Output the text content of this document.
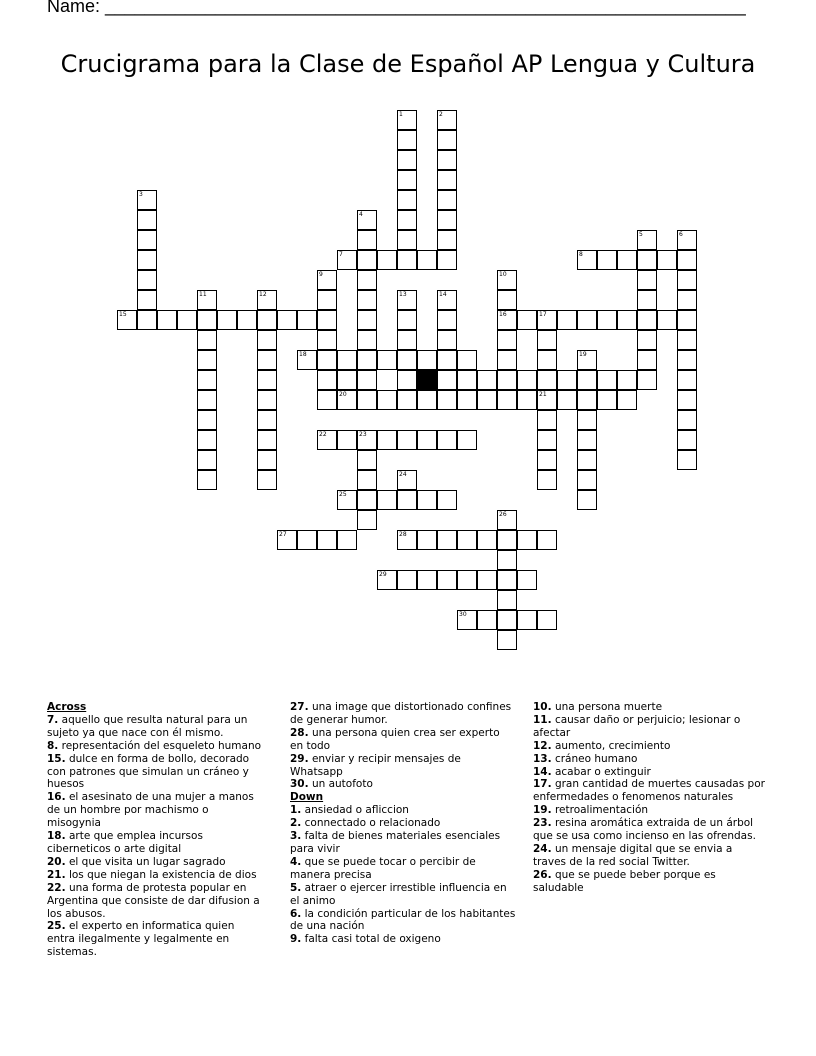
Name: ________________________________________________________________
Crucigrama para la Clase de Español AP Lengua y Cultura
1	2
3
4
5	6
7	8
9	10
16
11	12	13	14
15	17
21
18	19
20
22	23
24
25
26
27	28
29
30
Across
7. aquello que resulta natural para un sujeto ya que nace con él mismo.
8. representación del esqueleto humano
15. dulce en forma de bollo, decorado con patrones que simulan un cráneo y huesos
16. el asesinato de una mujer a manos de un hombre por machismo o misogynia
18. arte que emplea incursos ciberneticos o arte digital
20. el que visita un lugar sagrado
21. los que niegan la existencia de dios
22. una forma de protesta popular en Argentina que consiste de dar difusion a los abusos.
25. el experto en informatica quien entra ilegalmente y legalmente en sistemas.
27. una image que distortionado confines de generar humor.
28. una persona quien crea ser experto en todo
29. enviar y recipir mensajes de Whatsapp
30. un autofoto
Down
1. ansiedad o afliccion
2. connectado o relacionado
3. falta de bienes materiales esenciales para vivir
4. que se puede tocar o percibir de manera precisa
5. atraer o ejercer irrestible influencia en el animo
6. la condición particular de los habitantes de una nación
9. falta casi total de oxigeno
10. una persona muerte
11. causar daño or perjuicio; lesionar o afectar
12. aumento, crecimiento
13. cráneo humano
14. acabar o extinguir
17. gran cantidad de muertes causadas por enfermedades o fenomenos naturales
19. retroalimentación
23. resina aromática extraida de un árbol que se usa como incienso en las ofrendas.
24. un mensaje digital que se envia a traves de la red social Twitter.
26. que se puede beber porque es saludable
